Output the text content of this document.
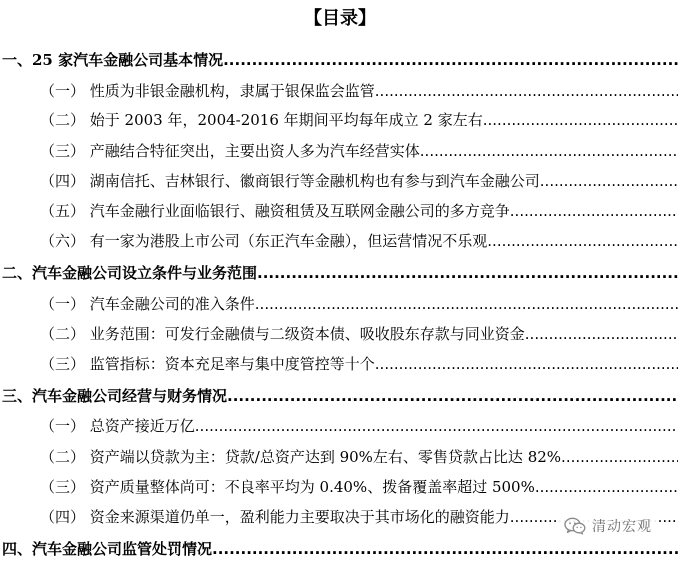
【目录】
一、25 家汽车金融公司基本情况
.....
（一） 性质为非银金融机构，隶属于银保监会监管
.....
（二） 始于 2003 年，2004-2016 年期间平均每年成立 2 家左右
.....
（三） 产融结合特征突出，主要出资人多为汽车经营实体
.....
（四） 湖南信托、吉林银行、徽商银行等金融机构也有参与到汽车金融公司
.....
（五） 汽车金融行业面临银行、融资租赁及互联网金融公司的多方竞争
.....
（六） 有一家为港股上市公司（东正汽车金融），但运营情况不乐观
.....
二、汽车金融公司设立条件与业务范围
.....
（一） 汽车金融公司的准入条件
.....
（二） 业务范围：可发行金融债与二级资本债、吸收股东存款与同业资金
.....
（三） 监管指标：资本充足率与集中度管控等十个
.....
三、汽车金融公司经营与财务情况
.....
（一） 总资产接近万亿
.....
（二） 资产端以贷款为主：贷款/总资产达到 90%左右、零售贷款占比达 82%
.....
（三） 资产质量整体尚可：不良率平均为 0.40%、拨备覆盖率超过 500%
.....
（四） 资金来源渠道仍单一，盈利能力主要取决于其市场化的融资能力
.....
四、汽车金融公司监管处罚情况
.....
清动宏观
